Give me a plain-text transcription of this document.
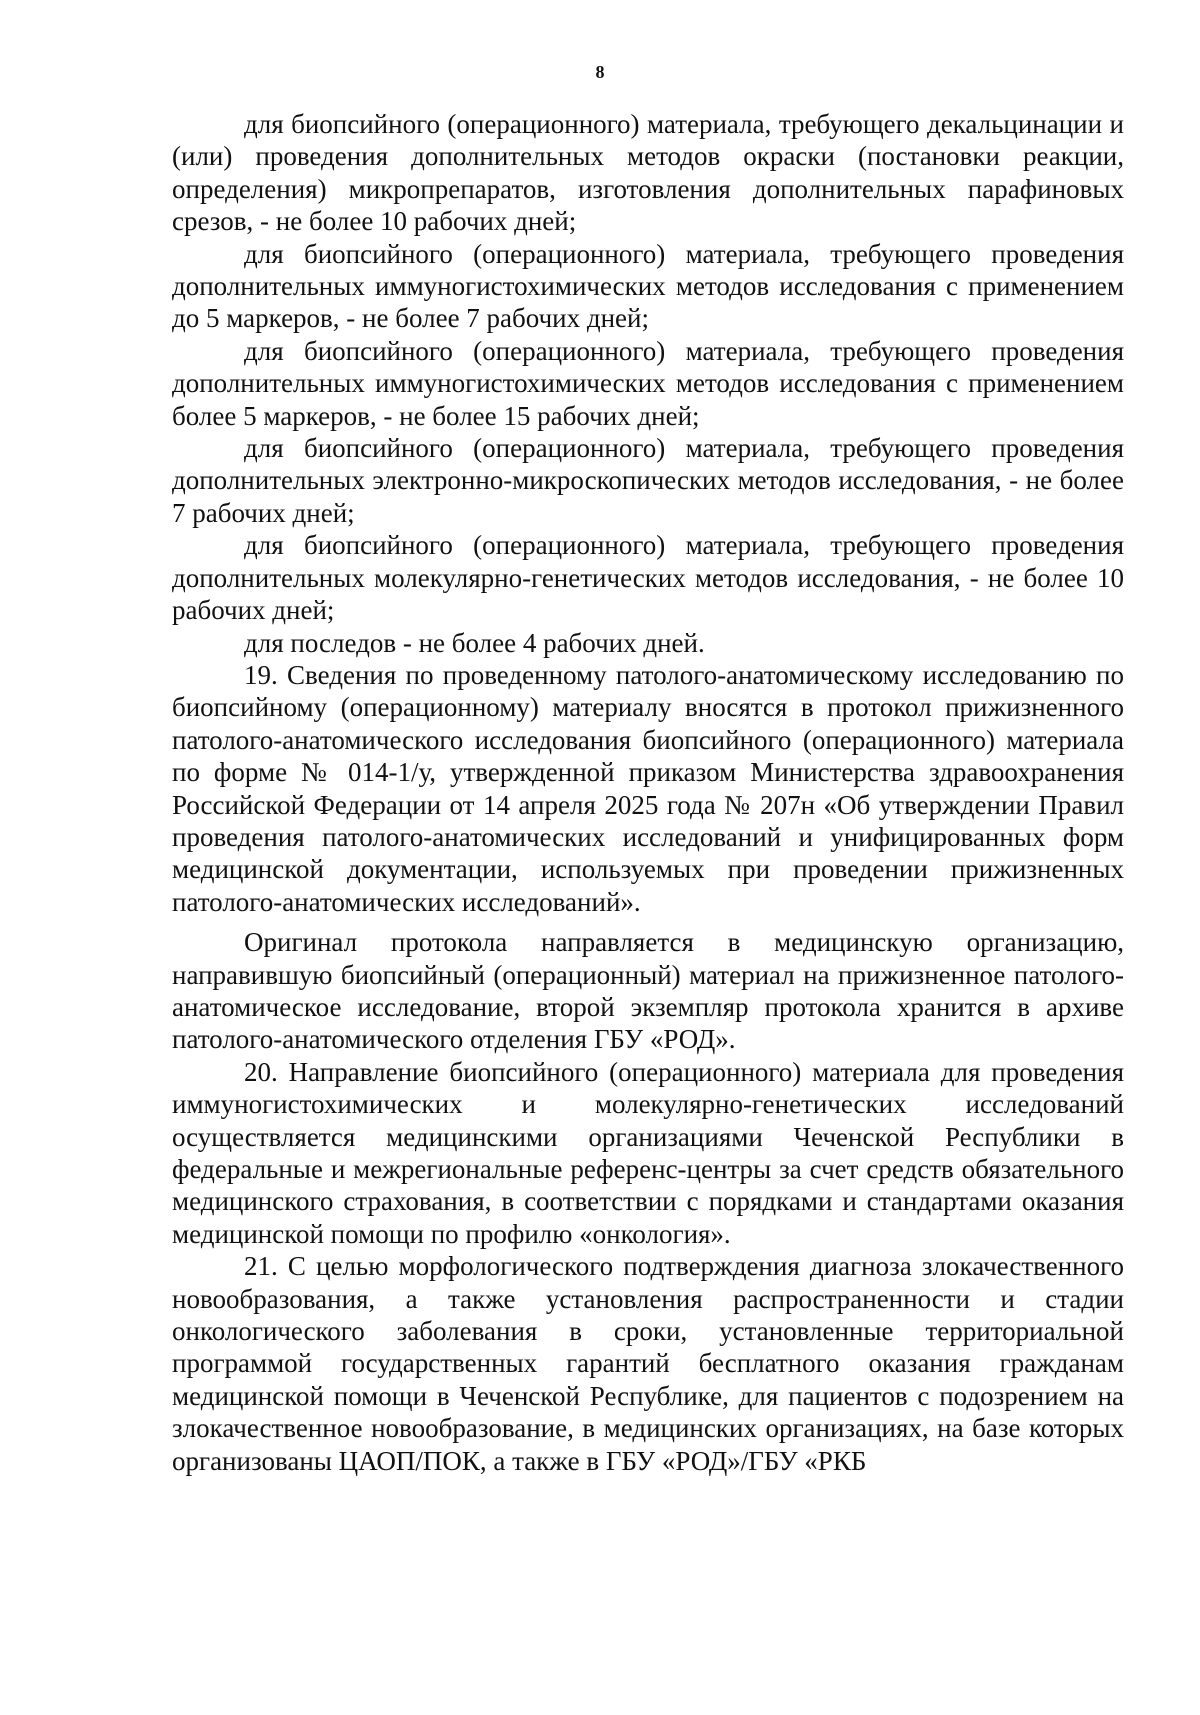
8

для биопсийного (операционного) материала, требующего декальцинации и (или) проведения дополнительных методов окраски (постановки реакции, определения) микропрепаратов, изготовления дополнительных парафиновых срезов, - не более 10 рабочих дней;

для биопсийного (операционного) материала, требующего проведения дополнительных иммуногистохимических методов исследования с применением до 5 маркеров, - не более 7 рабочих дней;

для биопсийного (операционного) материала, требующего проведения дополнительных иммуногистохимических методов исследования с применением более 5 маркеров, - не более 15 рабочих дней;

для биопсийного (операционного) материала, требующего проведения дополнительных электронно-микроскопических методов исследования, - не более 7 рабочих дней;

для биопсийного (операционного) материала, требующего проведения дополнительных молекулярно-генетических методов исследования, - не более 10 рабочих дней;

для последов - не более 4 рабочих дней.

19. Сведения по проведенному патолого-анатомическому исследованию по биопсийному (операционному) материалу вносятся в протокол прижизненного патолого-анатомического исследования биопсийного (операционного) материала по форме № 014-1/у, утвержденной приказом Министерства здравоохранения Российской Федерации от 14 апреля 2025 года № 207н «Об утверждении Правил проведения патолого-анатомических исследований и унифицированных форм медицинской документации, используемых при проведении прижизненных патолого-анатомических исследований».

Оригинал протокола направляется в медицинскую организацию, направившую биопсийный (операционный) материал на прижизненное патолого-анатомическое исследование, второй экземпляр протокола хранится в архиве патолого-анатомического отделения ГБУ «РОД».

20. Направление биопсийного (операционного) материала для проведения иммуногистохимических и молекулярно-генетических исследований осуществляется медицинскими организациями Чеченской Республики в федеральные и межрегиональные референс-центры за счет средств обязательного медицинского страхования, в соответствии с порядками и стандартами оказания медицинской помощи по профилю «онкология».

21. С целью морфологического подтверждения диагноза злокачественного новообразования, а также установления распространенности и стадии онкологического заболевания в сроки, установленные территориальной программой государственных гарантий бесплатного оказания гражданам медицинской помощи в Чеченской Республике, для пациентов с подозрением на злокачественное новообразование, в медицинских организациях, на базе которых организованы ЦАОП/ПОК, а также в ГБУ «РОД»/ГБУ «РКБ
